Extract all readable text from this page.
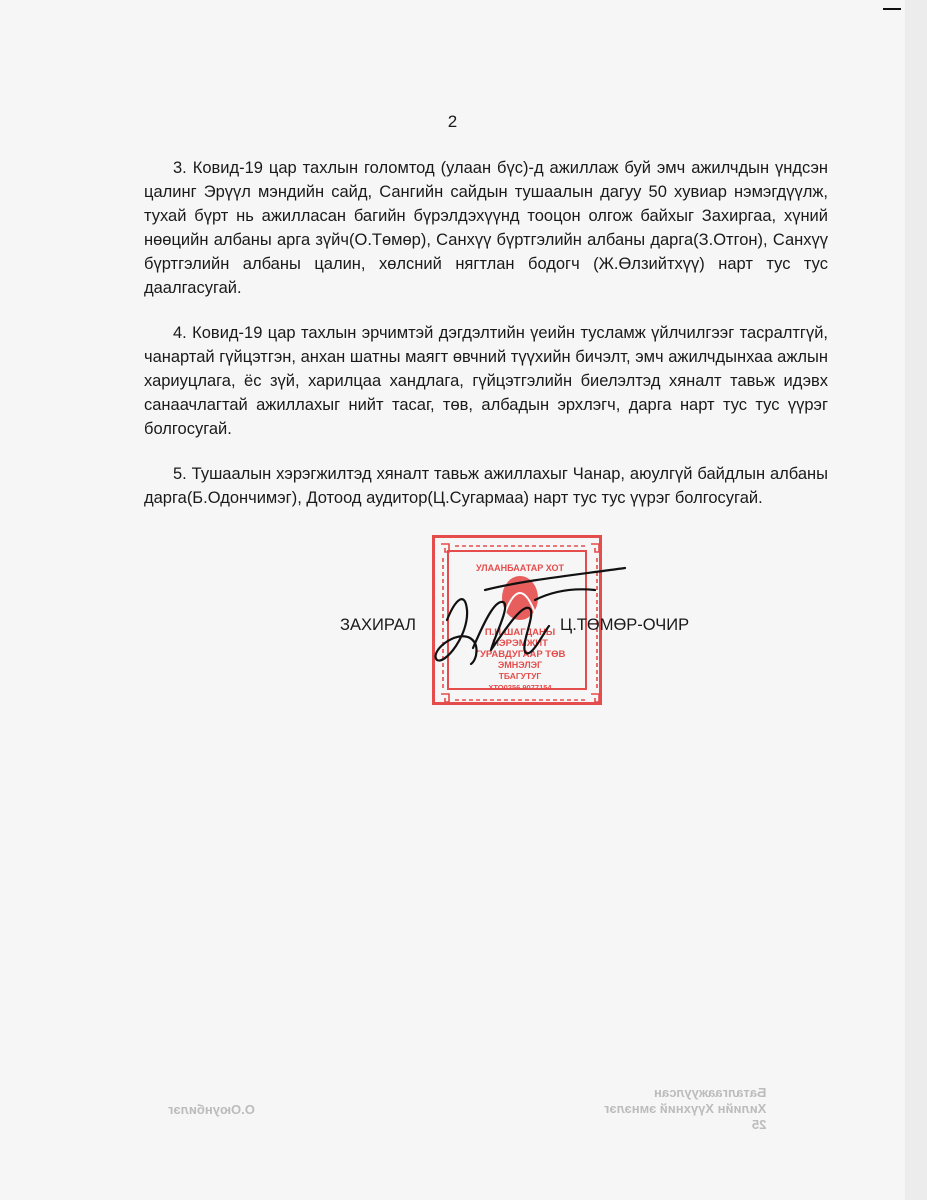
2

3. Ковид-19 цар тахлын голомтод (улаан бүс)-д ажиллаж буй эмч ажилчдын үндсэн цалинг Эрүүл мэндийн сайд, Сангийн сайдын тушаалын дагуу 50 хувиар нэмэгдүүлж, тухай бүрт нь ажилласан багийн бүрэлдэхүүнд тооцон олгож байхыг Захиргаа, хүний нөөцийн албаны арга зүйч(О.Төмөр), Санхүү бүртгэлийн албаны дарга(З.Отгон), Санхүү бүртгэлийн албаны цалин, хөлсний нягтлан бодогч (Ж.Өлзийтхүү) нарт тус тус даалгасугай.

4. Ковид-19 цар тахлын эрчимтэй дэгдэлтийн үеийн тусламж үйлчилгээг тасралтгүй, чанартай гүйцэтгэн, анхан шатны маягт өвчний түүхийн бичэлт, эмч ажилчдынхаа ажлын хариуцлага, ёс зүй, харилцаа хандлага, гүйцэтгэлийн биелэлтэд хяналт тавьж идэвх санаачлагтай ажиллахыг нийт тасаг, төв, албадын эрхлэгч, дарга нарт тус тус үүрэг болгосугай.

5. Тушаалын хэрэгжилтэд хяналт тавьж ажиллахыг Чанар, аюулгүй байдлын албаны дарга(Б.Одончимэг), Дотоод аудитор(Ц.Сугармаа) нарт тус тус үүрэг болгосугай.

УЛААНБААТАР ХОТ
П.Н.ШАГДАНЫ
НЭРЭМЖИТ
ГУРАВДУГААР ТӨВ
ЭМНЭЛЭГ
ТБАГУТУГ
ХТО0256 9077154
ЗАХИРАЛ	Ц.ТӨМӨР-ОЧИР
Баталгаажуулсан
Хилийн Хүүхний эмнэлэг
25
О.Оюунбилэг
